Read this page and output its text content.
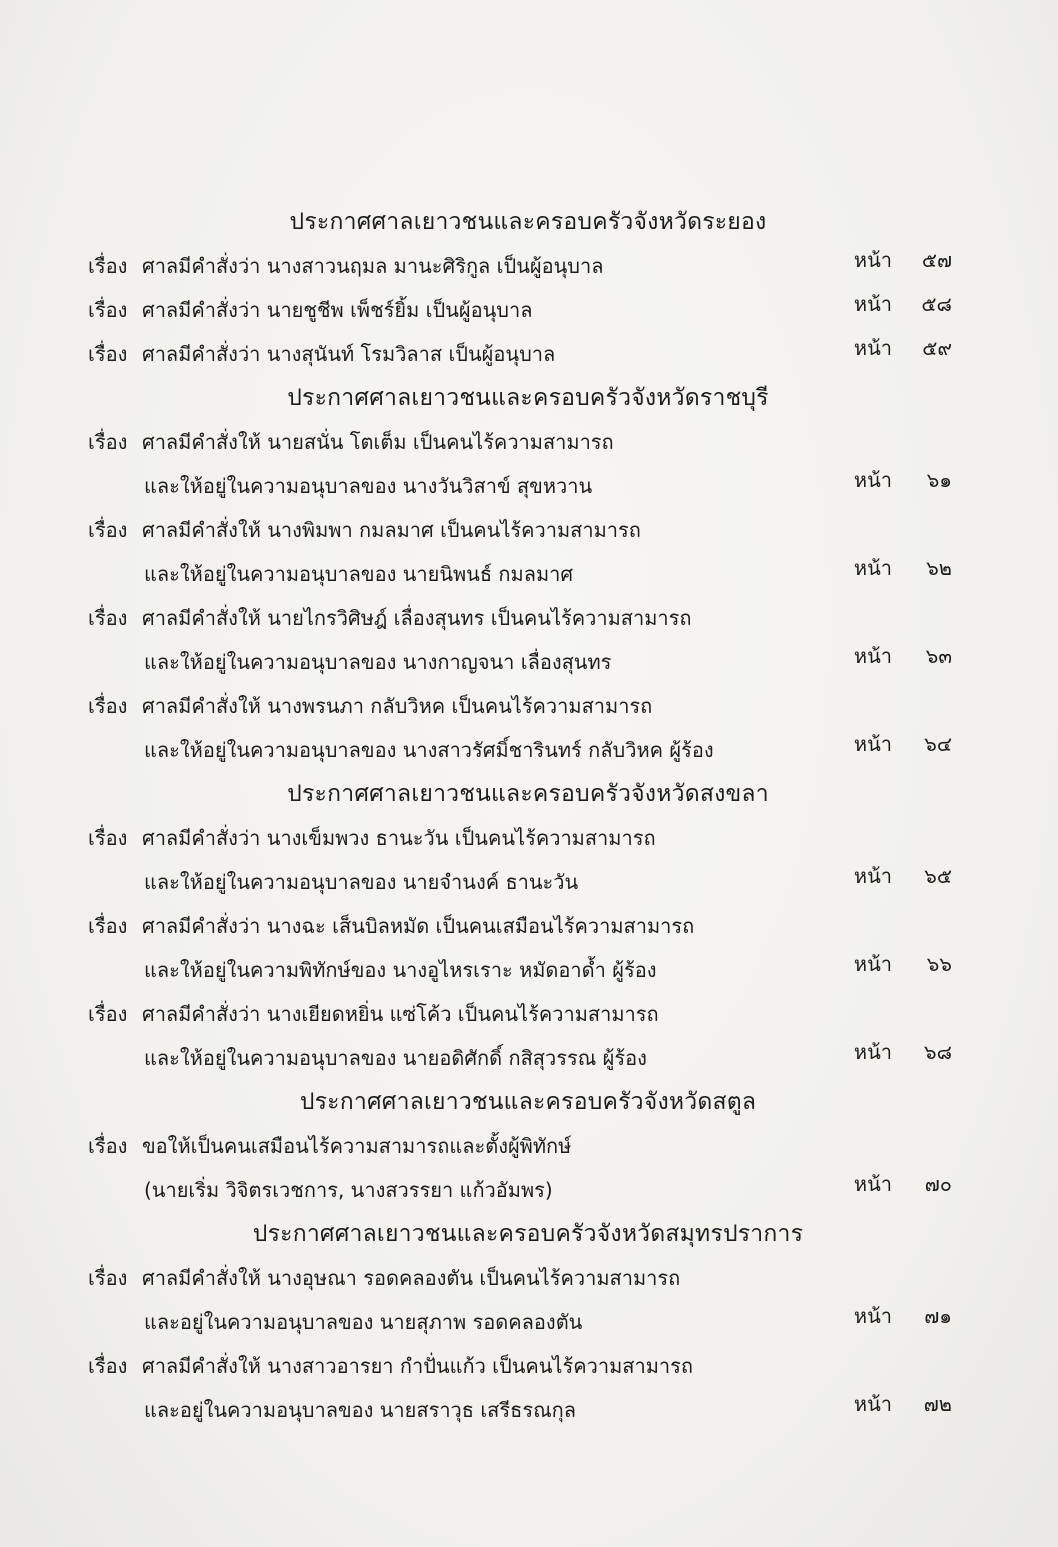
ประกาศศาลเยาวชนและครอบครัวจังหวัดระยอง
เรื่อง ศาลมีคำสั่งว่า นางสาวนฤมล มานะศิริกูล เป็นผู้อนุบาล	หน้า	๕๗
เรื่อง ศาลมีคำสั่งว่า นายชูชีพ เพ็ชร์ยิ้ม เป็นผู้อนุบาล	หน้า	๕๘
เรื่อง ศาลมีคำสั่งว่า นางสุนันท์ โรมวิลาส เป็นผู้อนุบาล	หน้า	๕๙
ประกาศศาลเยาวชนและครอบครัวจังหวัดราชบุรี
เรื่อง ศาลมีคำสั่งให้ นายสนั่น โตเต็ม เป็นคนไร้ความสามารถ
และให้อยู่ในความอนุบาลของ นางวันวิสาข์ สุขหวาน	หน้า	๖๑
เรื่อง ศาลมีคำสั่งให้ นางพิมพา กมลมาศ เป็นคนไร้ความสามารถ
และให้อยู่ในความอนุบาลของ นายนิพนธ์ กมลมาศ	หน้า	๖๒
เรื่อง ศาลมีคำสั่งให้ นายไกรวิศิษฎ์ เลื่องสุนทร เป็นคนไร้ความสามารถ
และให้อยู่ในความอนุบาลของ นางกาญจนา เลื่องสุนทร	หน้า	๖๓
เรื่อง ศาลมีคำสั่งให้ นางพรนภา กลับวิหค เป็นคนไร้ความสามารถ
และให้อยู่ในความอนุบาลของ นางสาวรัศมิ์ชารินทร์ กลับวิหค ผู้ร้อง	หน้า	๖๔
ประกาศศาลเยาวชนและครอบครัวจังหวัดสงขลา
เรื่อง ศาลมีคำสั่งว่า นางเข็มพวง ธานะวัน เป็นคนไร้ความสามารถ
และให้อยู่ในความอนุบาลของ นายจำนงค์ ธานะวัน	หน้า	๖๕
เรื่อง ศาลมีคำสั่งว่า นางฉะ เส็นบิลหมัด เป็นคนเสมือนไร้ความสามารถ
และให้อยู่ในความพิทักษ์ของ นางอูไหรเราะ หมัดอาด้ำ ผู้ร้อง	หน้า	๖๖
เรื่อง ศาลมีคำสั่งว่า นางเยียดหยิ่น แซ่โค้ว เป็นคนไร้ความสามารถ
และให้อยู่ในความอนุบาลของ นายอดิศักดิ์ กสิสุวรรณ ผู้ร้อง	หน้า	๖๘
ประกาศศาลเยาวชนและครอบครัวจังหวัดสตูล
เรื่อง ขอให้เป็นคนเสมือนไร้ความสามารถและตั้งผู้พิทักษ์
(นายเริ่ม วิจิตรเวชการ, นางสวรรยา แก้วอัมพร)	หน้า	๗๐
ประกาศศาลเยาวชนและครอบครัวจังหวัดสมุทรปราการ
เรื่อง ศาลมีคำสั่งให้ นางอุษณา รอดคลองตัน เป็นคนไร้ความสามารถ
และอยู่ในความอนุบาลของ นายสุภาพ รอดคลองตัน	หน้า	๗๑
เรื่อง ศาลมีคำสั่งให้ นางสาวอารยา กำปั่นแก้ว เป็นคนไร้ความสามารถ
และอยู่ในความอนุบาลของ นายสราวุธ เสรีธรณกุล	หน้า	๗๒
